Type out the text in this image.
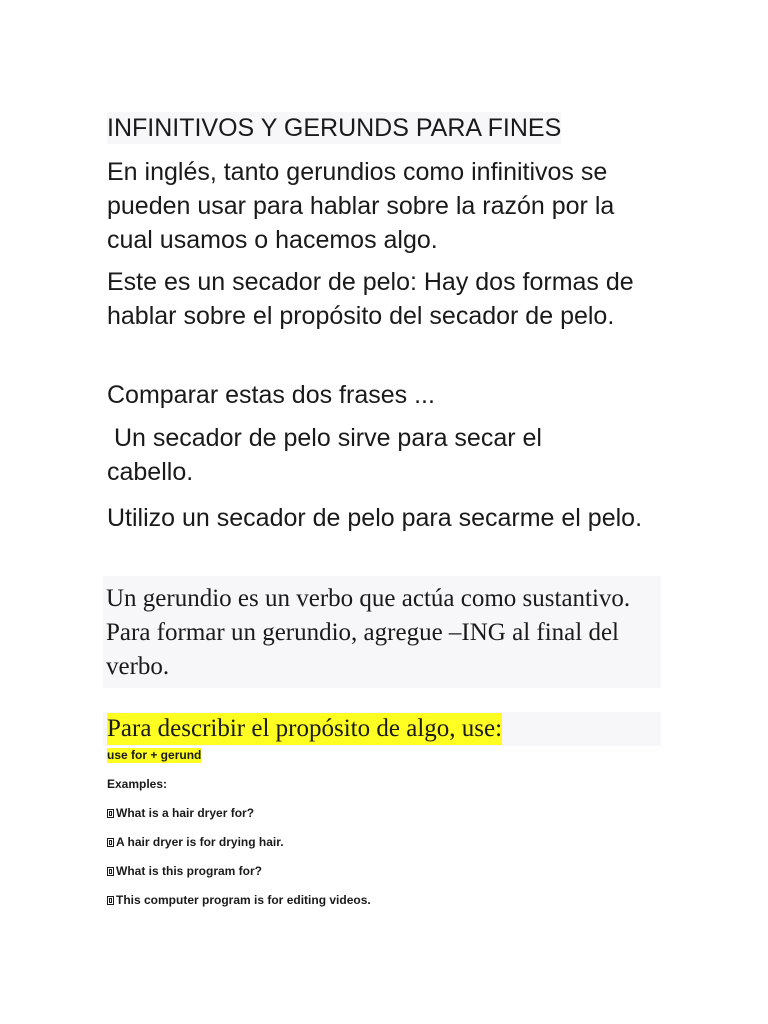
INFINITIVOS Y GERUNDS PARA FINES

En inglés, tanto gerundios como infinitivos se pueden usar para hablar sobre la razón por la cual usamos o hacemos algo.

Este es un secador de pelo: Hay dos formas de hablar sobre el propósito del secador de pelo.

Comparar estas dos frases ...

Un secador de pelo sirve para secar el cabello.

Utilizo un secador de pelo para secarme el pelo.

Un gerundio es un verbo que actúa como sustantivo. Para formar un gerundio, agregue –ING al final del verbo.

Para describir el propósito de algo, use:
use for + gerund
Examples:
What is a hair dryer for?
A hair dryer is for drying hair.
What is this program for?
This computer program is for editing videos.
